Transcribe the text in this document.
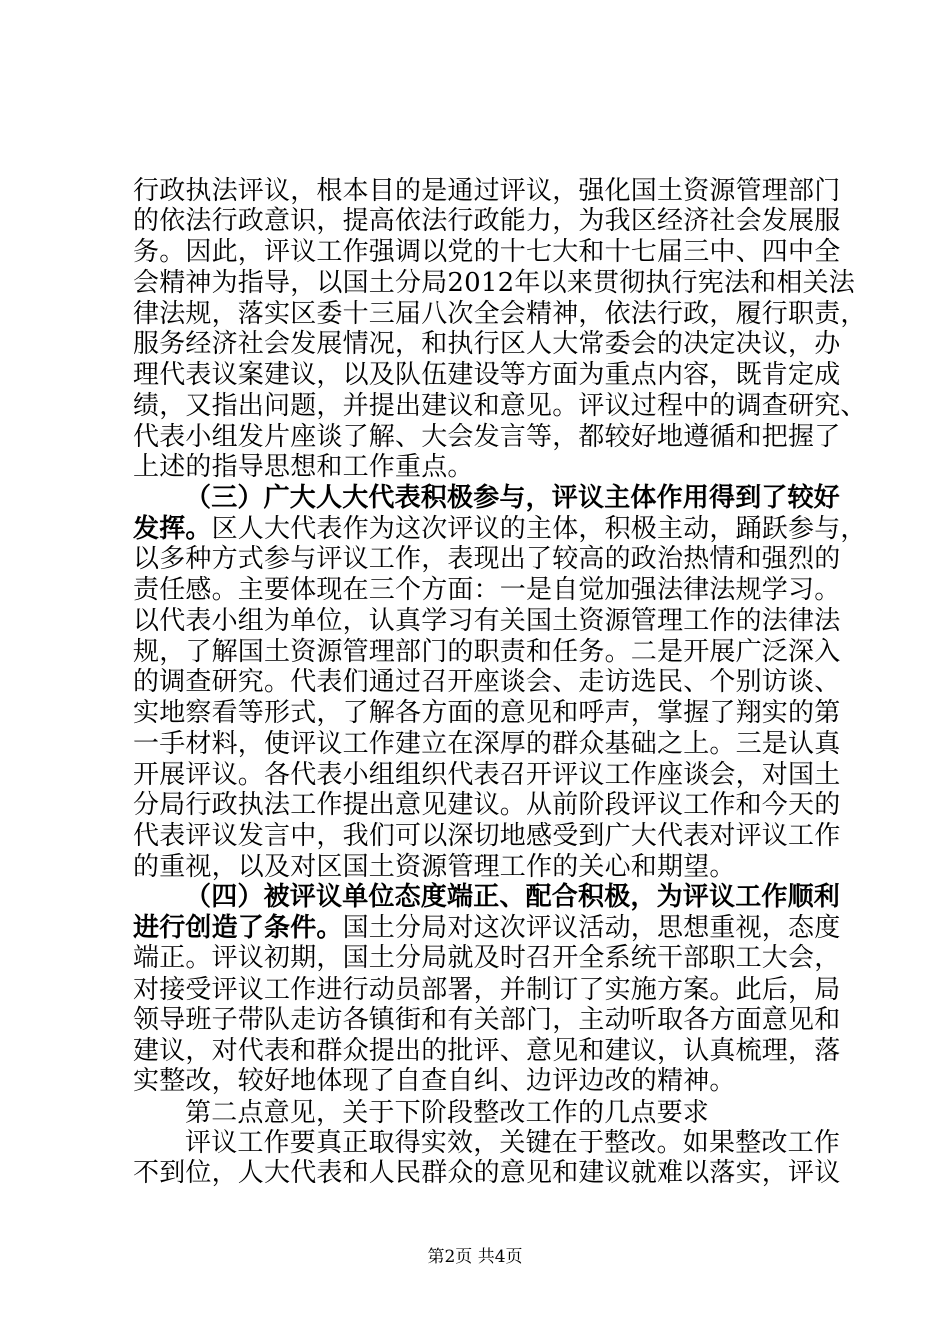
行政执法评议，根本目的是通过评议，强化国土资源管理部门
的依法行政意识，提高依法行政能力，为我区经济社会发展服
务。因此，评议工作强调以党的十七大和十七届三中、四中全
会精神为指导，以国土分局2012年以来贯彻执行宪法和相关法
律法规，落实区委十三届八次全会精神，依法行政，履行职责，
服务经济社会发展情况，和执行区人大常委会的决定决议，办
理代表议案建议，以及队伍建设等方面为重点内容，既肯定成
绩，又指出问题，并提出建议和意见。评议过程中的调查研究、
代表小组发片座谈了解、大会发言等，都较好地遵循和把握了
上述的指导思想和工作重点。
（三）广大人大代表积极参与，评议主体作用得到了较好
发挥。区人大代表作为这次评议的主体，积极主动，踊跃参与，
以多种方式参与评议工作，表现出了较高的政治热情和强烈的
责任感。主要体现在三个方面：一是自觉加强法律法规学习。
以代表小组为单位，认真学习有关国土资源管理工作的法律法
规，了解国土资源管理部门的职责和任务。二是开展广泛深入
的调查研究。代表们通过召开座谈会、走访选民、个别访谈、
实地察看等形式，了解各方面的意见和呼声，掌握了翔实的第
一手材料，使评议工作建立在深厚的群众基础之上。三是认真
开展评议。各代表小组组织代表召开评议工作座谈会，对国土
分局行政执法工作提出意见建议。从前阶段评议工作和今天的
代表评议发言中，我们可以深切地感受到广大代表对评议工作
的重视，以及对区国土资源管理工作的关心和期望。
（四）被评议单位态度端正、配合积极，为评议工作顺利
进行创造了条件。国土分局对这次评议活动，思想重视，态度
端正。评议初期，国土分局就及时召开全系统干部职工大会，
对接受评议工作进行动员部署，并制订了实施方案。此后，局
领导班子带队走访各镇街和有关部门，主动听取各方面意见和
建议，对代表和群众提出的批评、意见和建议，认真梳理，落
实整改，较好地体现了自查自纠、边评边改的精神。
第二点意见，关于下阶段整改工作的几点要求
评议工作要真正取得实效，关键在于整改。如果整改工作
第2页 共4页
不到位，人大代表和人民群众的意见和建议就难以落实，评议
